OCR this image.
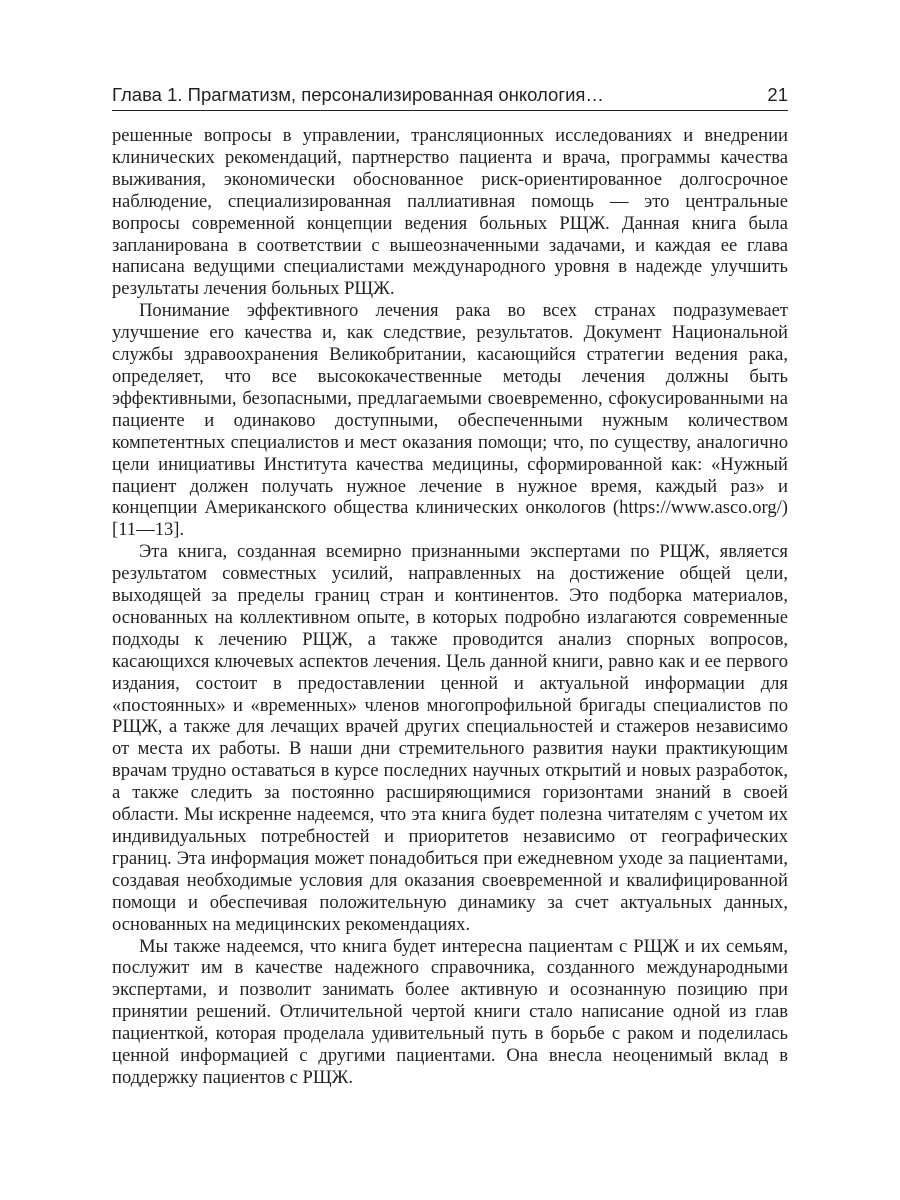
Глава 1. Прагматизм, персонализированная онкология…	21

решенные вопросы в управлении, трансляционных исследованиях и внедрении клинических рекомендаций, партнерство пациента и врача, программы качества выживания, экономически обоснованное риск-ориентированное долгосрочное наблюдение, специализированная паллиативная помощь — это центральные вопросы современной концепции ведения больных РЩЖ. Данная книга была запланирована в соответствии с вышеозначенными задачами, и каждая ее глава написана ведущими специалистами международного уровня в надежде улучшить результаты лечения больных РЩЖ.

Понимание эффективного лечения рака во всех странах подразумевает улучшение его качества и, как следствие, результатов. Документ Национальной службы здравоохранения Великобритании, касающийся стратегии ведения рака, определяет, что все высококачественные методы лечения должны быть эффективными, безопасными, предлагаемыми своевременно, сфокусированными на пациенте и одинаково доступными, обеспеченными нужным количеством компетентных специалистов и мест оказания помощи; что, по существу, аналогично цели инициативы Института качества медицины, сформированной как: «Нужный пациент должен получать нужное лечение в нужное время, каждый раз» и концепции Американского общества клинических онкологов (https://www.asco.org/) [11—13].

Эта книга, созданная всемирно признанными экспертами по РЩЖ, является результатом совместных усилий, направленных на достижение общей цели, выходящей за пределы границ стран и континентов. Это подборка материалов, основанных на коллективном опыте, в которых подробно излагаются современные подходы к лечению РЩЖ, а также проводится анализ спорных вопросов, касающихся ключевых аспектов лечения. Цель данной книги, равно как и ее первого издания, состоит в предоставлении ценной и актуальной информации для «постоянных» и «временных» членов многопрофильной бригады специалистов по РЩЖ, а также для лечащих врачей других специальностей и стажеров независимо от места их работы. В наши дни стремительного развития науки практикующим врачам трудно оставаться в курсе последних научных открытий и новых разработок, а также следить за постоянно расширяющимися горизонтами знаний в своей области. Мы искренне надеемся, что эта книга будет полезна читателям с учетом их индивидуальных потребностей и приоритетов независимо от географических границ. Эта информация может понадобиться при ежедневном уходе за пациентами, создавая необходимые условия для оказания своевременной и квалифицированной помощи и обеспечивая положительную динамику за счет актуальных данных, основанных на медицинских рекомендациях.

Мы также надеемся, что книга будет интересна пациентам с РЩЖ и их семьям, послужит им в качестве надежного справочника, созданного международными экспертами, и позволит занимать более активную и осознанную позицию при принятии решений. Отличительной чертой книги стало написание одной из глав пациенткой, которая проделала удивительный путь в борьбе с раком и поделилась ценной информацией с другими пациентами. Она внесла неоценимый вклад в поддержку пациентов с РЩЖ.
